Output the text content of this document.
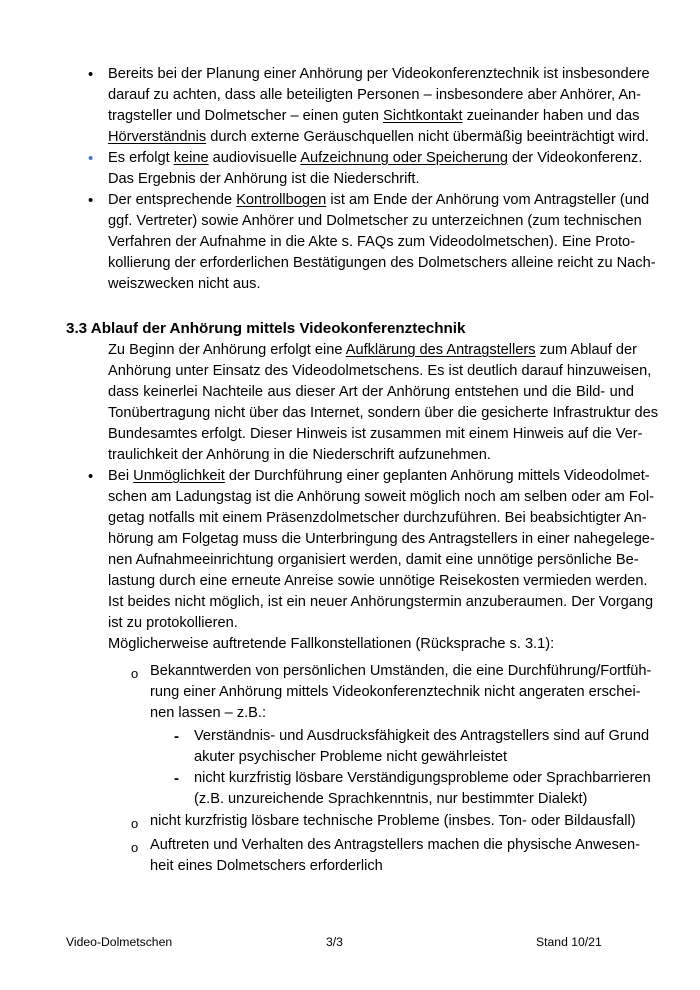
• Bereits bei der Planung einer Anhörung per Videokonferenztechnik ist insbesondere
darauf zu achten, dass alle beteiligten Personen – insbesondere aber Anhörer, An-
tragsteller und Dolmetscher – einen guten Sichtkontakt zueinander haben und das
Hörverständnis durch externe Geräuschquellen nicht übermäßig beeinträchtigt wird.
• Es erfolgt keine audiovisuelle Aufzeichnung oder Speicherung der Videokonferenz.
Das Ergebnis der Anhörung ist die Niederschrift.
• Der entsprechende Kontrollbogen ist am Ende der Anhörung vom Antragsteller (und
ggf. Vertreter) sowie Anhörer und Dolmetscher zu unterzeichnen (zum technischen
Verfahren der Aufnahme in die Akte s. FAQs zum Videodolmetschen). Eine Proto-
kollierung der erforderlichen Bestätigungen des Dolmetschers alleine reicht zu Nach-
weiszwecken nicht aus.
3.3 Ablauf der Anhörung mittels Videokonferenztechnik
Zu Beginn der Anhörung erfolgt eine Aufklärung des Antragstellers zum Ablauf der
Anhörung unter Einsatz des Videodolmetschens. Es ist deutlich darauf hinzuweisen,
dass keinerlei Nachteile aus dieser Art der Anhörung entstehen und die Bild- und
Tonübertragung nicht über das Internet, sondern über die gesicherte Infrastruktur des
Bundesamtes erfolgt. Dieser Hinweis ist zusammen mit einem Hinweis auf die Ver-
traulichkeit der Anhörung in die Niederschrift aufzunehmen.
• Bei Unmöglichkeit der Durchführung einer geplanten Anhörung mittels Videodolmet-
schen am Ladungstag ist die Anhörung soweit möglich noch am selben oder am Fol-
getag notfalls mit einem Präsenzdolmetscher durchzuführen. Bei beabsichtigter An-
hörung am Folgetag muss die Unterbringung des Antragstellers in einer nahegelege-
nen Aufnahmeeinrichtung organisiert werden, damit eine unnötige persönliche Be-
lastung durch eine erneute Anreise sowie unnötige Reisekosten vermieden werden.
Ist beides nicht möglich, ist ein neuer Anhörungstermin anzuberaumen. Der Vorgang
ist zu protokollieren.
Möglicherweise auftretende Fallkonstellationen (Rücksprache s. 3.1):
o Bekanntwerden von persönlichen Umständen, die eine Durchführung/Fortfüh-
rung einer Anhörung mittels Videokonferenztechnik nicht angeraten erschei-
nen lassen – z.B.:
- Verständnis- und Ausdrucksfähigkeit des Antragstellers sind auf Grund
akuter psychischer Probleme nicht gewährleistet
- nicht kurzfristig lösbare Verständigungsprobleme oder Sprachbarrieren
(z.B. unzureichende Sprachkenntnis, nur bestimmter Dialekt)
o nicht kurzfristig lösbare technische Probleme (insbes. Ton- oder Bildausfall)
o Auftreten und Verhalten des Antragstellers machen die physische Anwesen-
heit eines Dolmetschers erforderlich
Video-Dolmetschen	3/3	Stand 10/21
